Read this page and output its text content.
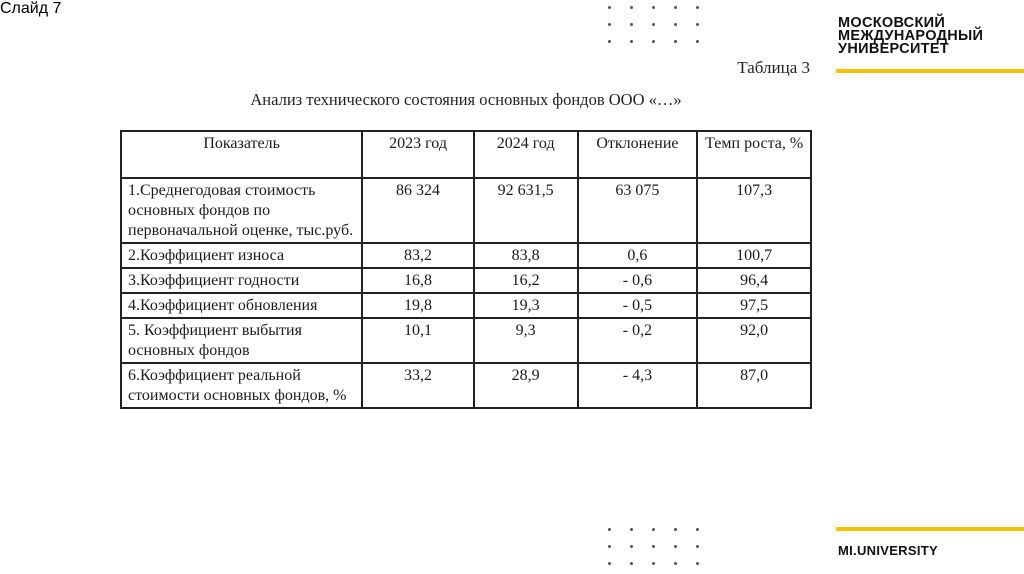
Слайд 7
МОСКОВСКИЙ
МЕЖДУНАРОДНЫЙ
УНИВЕРСИТЕТ
MI.UNIVERSITY
Таблица 3
Анализ технического состояния основных фондов ООО «…»
Показатель	2023 год	2024 год	Отклонение	Темп роста, %
1.Среднегодовая стоимость основных фондов по первоначальной оценке, тыс.руб.	86 324	92 631,5	63 075	107,3
2.Коэффициент износа	83,2	83,8	0,6	100,7
3.Коэффициент годности	16,8	16,2	- 0,6	96,4
4.Коэффициент обновления	19,8	19,3	- 0,5	97,5
5. Коэффициент выбытия основных фондов	10,1	9,3	- 0,2	92,0
6.Коэффициент реальной стоимости основных фондов, %	33,2	28,9	- 4,3	87,0
